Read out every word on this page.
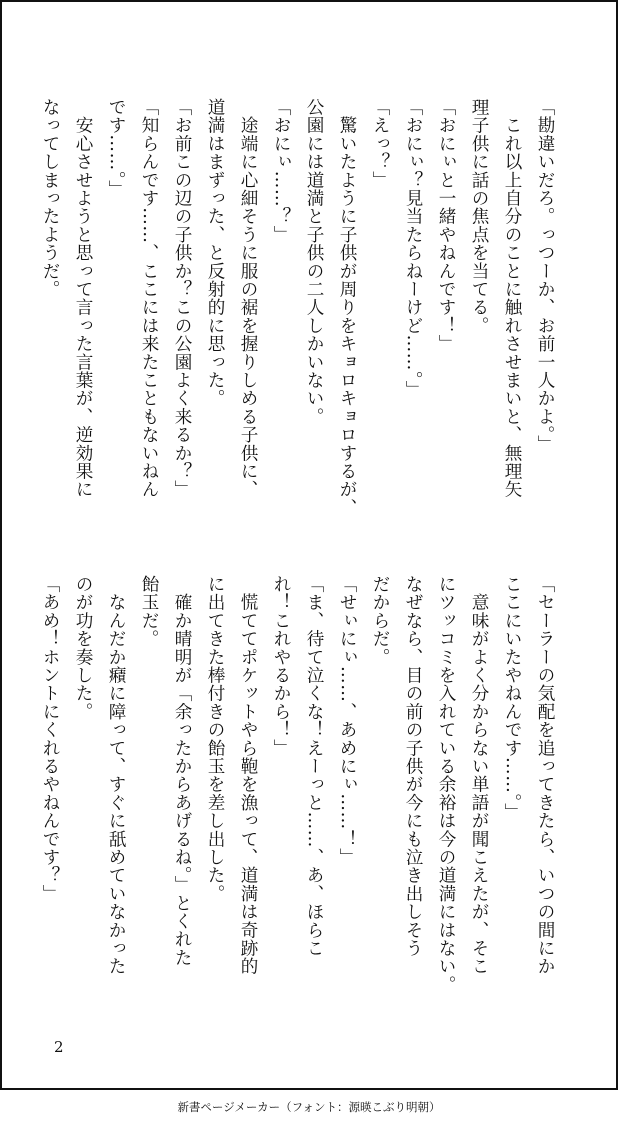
「勘違いだろ。っつーか、お前一人かよ。」

　これ以上自分のことに触れさせまいと、無理矢

理子供に話の焦点を当てる。

「おにぃと一緒やねんです！」

「おにぃ？見当たらねーけど……。」

「えっ？」

　驚いたように子供が周りをキョロキョロするが、

公園には道満と子供の二人しかいない。

「おにぃ……？」

　途端に心細そうに服の裾を握りしめる子供に、

道満はまずった、と反射的に思った。

「お前この辺の子供か？この公園よく来るか？」

「知らんです……、ここには来たこともないねん

です……。」

　安心させようと思って言った言葉が、逆効果に

なってしまったようだ。

「セーラーの気配を追ってきたら、いつの間にか

ここにいたやねんです……。」

　意味がよく分からない単語が聞こえたが、そこ

にツッコミを入れている余裕は今の道満にはない。

なぜなら、目の前の子供が今にも泣き出しそう

だからだ。

「せぃにぃ……、あめにぃ……！」

「ま、待て泣くな！えーっと……、あ、ほらこ

れ！これやるから！」

　慌ててポケットやら鞄を漁って、道満は奇跡的

に出てきた棒付きの飴玉を差し出した。

　確か晴明が「余ったからあげるね。」とくれた

飴玉だ。

　なんだか癪に障って、すぐに舐めていなかった

のが功を奏した。

「あめ！ホントにくれるやねんです？」

2
新書ページメーカー（フォント：源暎こぶり明朝）
